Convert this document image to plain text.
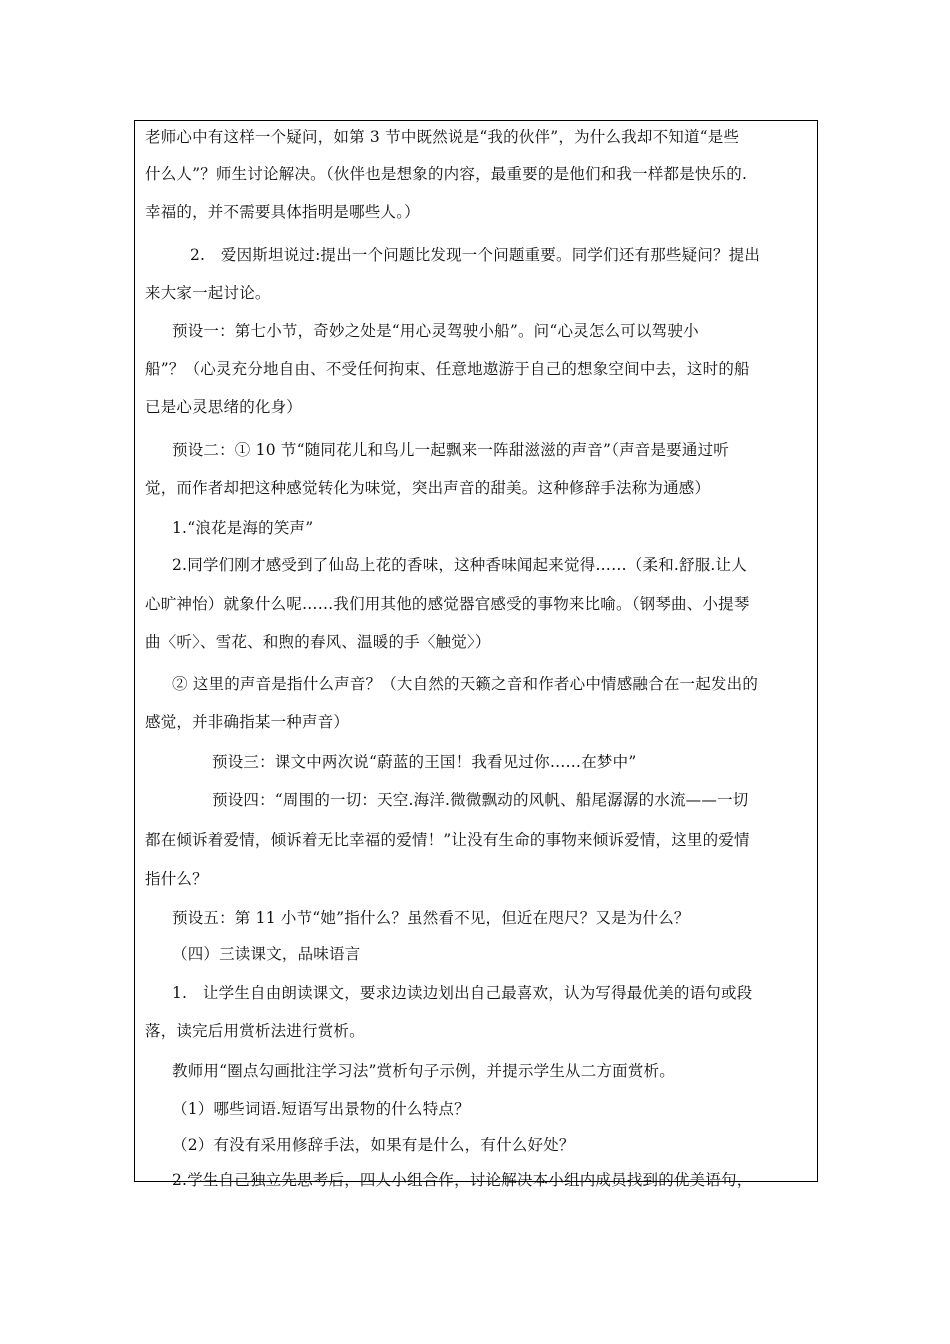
老师心中有这样一个疑问，如第 3 节中既然说是“我的伙伴”，为什么我却不知道“是些
什么人”？师生讨论解决。（伙伴也是想象的内容，最重要的是他们和我一样都是快乐的.
幸福的，并不需要具体指明是哪些人。）
2.　爱因斯坦说过:提出一个问题比发现一个问题重要。同学们还有那些疑问？提出
来大家一起讨论。
预设一：第七小节，奇妙之处是“用心灵驾驶小船”。问“心灵怎么可以驾驶小
船”？（心灵充分地自由、不受任何拘束、任意地遨游于自己的想象空间中去，这时的船
已是心灵思绪的化身）
预设二：① 10 节“随同花儿和鸟儿一起飘来一阵甜滋滋的声音”（声音是要通过听
觉，而作者却把这种感觉转化为味觉，突出声音的甜美。这种修辞手法称为通感）
1.“浪花是海的笑声”
2.同学们刚才感受到了仙岛上花的香味，这种香味闻起来觉得……（柔和.舒服.让人
心旷神怡）就象什么呢……我们用其他的感觉器官感受的事物来比喻。（钢琴曲、小提琴
曲〈听〉、雪花、和煦的春风、温暖的手〈触觉〉）
② 这里的声音是指什么声音？（大自然的天籁之音和作者心中情感融合在一起发出的
感觉，并非确指某一种声音）
预设三：课文中两次说“蔚蓝的王国！我看见过你……在梦中”
预设四：“周围的一切：天空.海洋.微微飘动的风帆、船尾潺潺的水流——一切
都在倾诉着爱情，倾诉着无比幸福的爱情！”让没有生命的事物来倾诉爱情，这里的爱情
指什么？
预设五：第 11 小节“她”指什么？虽然看不见，但近在咫尺？又是为什么？
（四）三读课文，品味语言
1.　让学生自由朗读课文，要求边读边划出自己最喜欢，认为写得最优美的语句或段
落，读完后用赏析法进行赏析。
教师用“圈点勾画批注学习法”赏析句子示例，并提示学生从二方面赏析。
（1）哪些词语.短语写出景物的什么特点？
（2）有没有采用修辞手法，如果有是什么，有什么好处？
2.学生自己独立先思考后，四人小组合作，讨论解决本小组内成员找到的优美语句，
